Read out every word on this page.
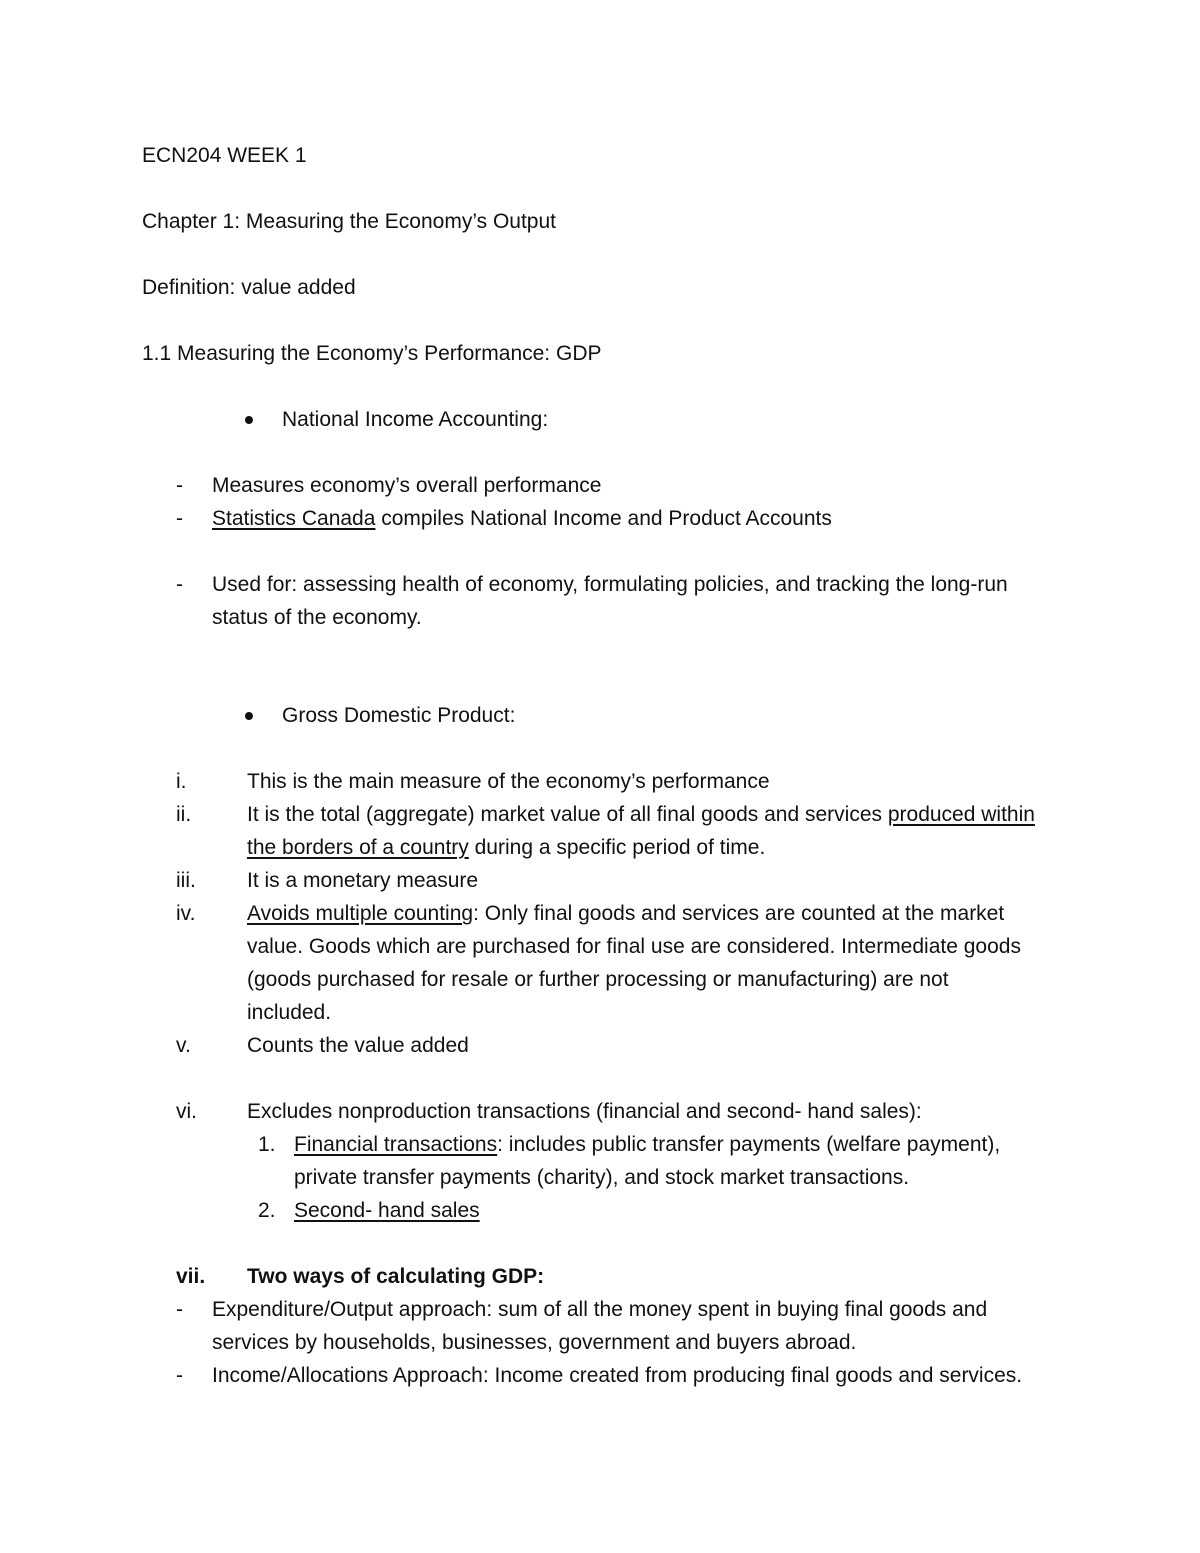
ECN204 WEEK 1
Chapter 1: Measuring the Economy’s Output
Definition: value added
1.1 Measuring the Economy’s Performance: GDP
National Income Accounting:
- Measures economy’s overall performance
- Statistics Canada compiles National Income and Product Accounts
- Used for: assessing health of economy, formulating policies, and tracking the long-run
status of the economy.
Gross Domestic Product:
i.	This is the main measure of the economy’s performance
ii.	It is the total (aggregate) market value of all final goods and services produced within
the borders of a country during a specific period of time.
iii. It is a monetary measure
iv. Avoids multiple counting: Only final goods and services are counted at the market
value. Goods which are purchased for final use are considered. Intermediate goods
(goods purchased for resale or further processing or manufacturing) are not
included.
v.	Counts the value added
vi. Excludes nonproduction transactions (financial and second- hand sales):
1. Financial transactions: includes public transfer payments (welfare payment),
private transfer payments (charity), and stock market transactions.
2. Second- hand sales
vii. Two ways of calculating GDP:
- Expenditure/Output approach: sum of all the money spent in buying final goods and
services by households, businesses, government and buyers abroad.
- Income/Allocations Approach: Income created from producing final goods and services.
